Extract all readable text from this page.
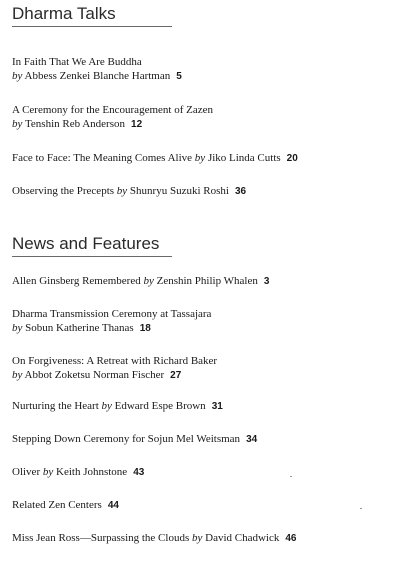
Dharma Talks
In Faith That We Are Buddha
by Abbess Zenkei Blanche Hartman 5
A Ceremony for the Encouragement of Zazen
by Tenshin Reb Anderson 12
Face to Face: The Meaning Comes Alive by Jiko Linda Cutts 20
Observing the Precepts by Shunryu Suzuki Roshi 36
News and Features
Allen Ginsberg Remembered by Zenshin Philip Whalen 3
Dharma Transmission Ceremony at Tassajara
by Sobun Katherine Thanas 18
On Forgiveness: A Retreat with Richard Baker
by Abbot Zoketsu Norman Fischer 27
Nurturing the Heart by Edward Espe Brown 31
Stepping Down Ceremony for Sojun Mel Weitsman 34
Oliver by Keith Johnstone 43
Related Zen Centers 44
Miss Jean Ross—Surpassing the Clouds by David Chadwick 46
